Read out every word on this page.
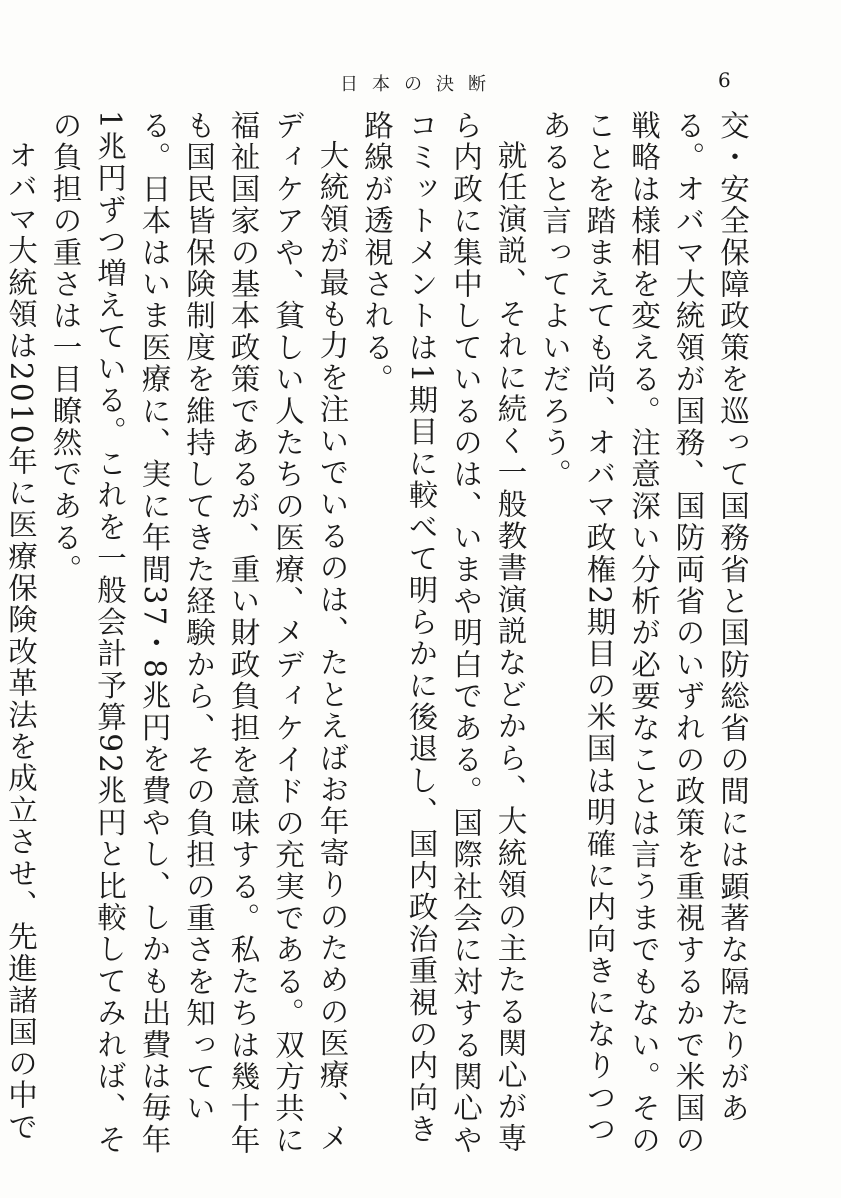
日本の決断	6

交・安全保障政策を巡って国務省と国防総省の間には顕著な隔たりがある。オバマ大統領が国務、国防両省のいずれの政策を重視するかで米国の戦略は様相を変える。注意深い分析が必要なことは言うまでもない。そのことを踏まえても尚、オバマ政権2期目の米国は明確に内向きになりつつあると言ってよいだろう。

就任演説、それに続く一般教書演説などから、大統領の主たる関心が専ら内政に集中しているのは、いまや明白である。国際社会に対する関心やコミットメントは1期目に較べて明らかに後退し、国内政治重視の内向き路線が透視される。

大統領が最も力を注いでいるのは、たとえばお年寄りのための医療、メディケアや、貧しい人たちの医療、メディケイドの充実である。双方共に福祉国家の基本政策であるが、重い財政負担を意味する。私たちは幾十年も国民皆保険制度を維持してきた経験から、その負担の重さを知っている。日本はいま医療に、実に年間37・8兆円を費やし、しかも出費は毎年1兆円ずつ増えている。これを一般会計予算92兆円と比較してみれば、その負担の重さは一目瞭然である。

オバマ大統領は2010年に医療保険改革法を成立させ、先進諸国の中で
